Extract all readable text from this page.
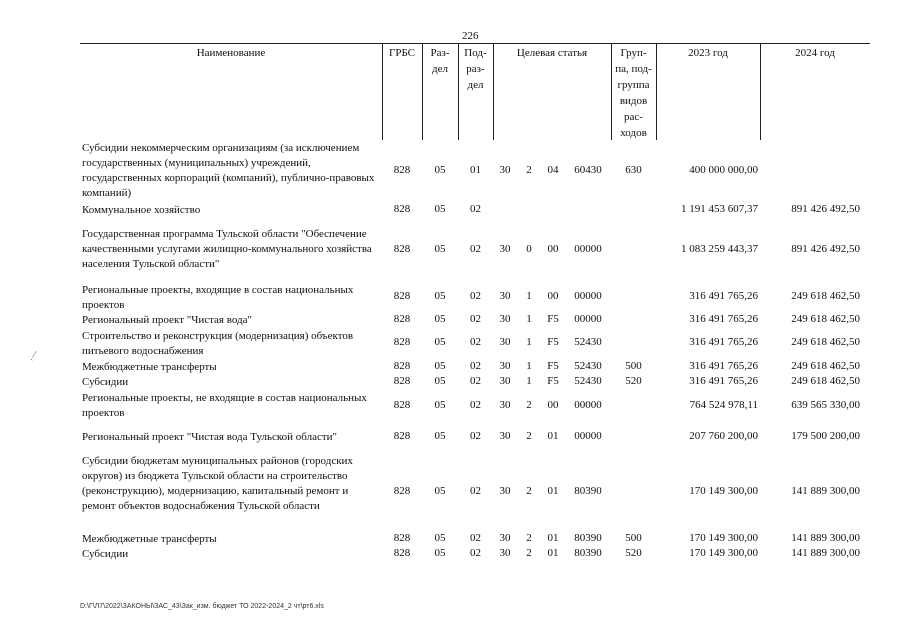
226
Наименование	ГРБС	Раз-
дел
Под-
раз-
дел
Целевая статья	Груп-
па, под-
группа
видов
рас-
ходов
2023 год	2024 год
Субсидии некоммерческим организациям (за исключением государственных (муниципальных) учреждений, государственных корпораций (компаний), публично-правовых компаний)
828	05	01	30	2	04	60430	630	400 000 000,00
Коммунальное хозяйство	828	05	02	1 191 453 607,37	891 426 492,50
Государственная программа Тульской области "Обеспечение качественными услугами жилищно-коммунального хозяйства населения Тульской области"
828	05	02	30	0	00	00000	1 083 259 443,37	891 426 492,50
Региональные проекты, входящие в состав национальных проектов
828	05	02	30	1	00	00000	316 491 765,26	249 618 462,50
Региональный проект "Чистая вода"	828	05	02	30	1	F5	00000	316 491 765,26	249 618 462,50
Строительство и реконструкция (модернизация) объектов питьевого водоснабжения
828	05	02	30	1	F5	52430	316 491 765,26	249 618 462,50
Межбюджетные трансферты	828	05	02	30	1	F5	52430	500	316 491 765,26	249 618 462,50
Субсидии	828	05	02	30	1	F5	52430	520	316 491 765,26	249 618 462,50
Региональные проекты, не входящие в состав национальных проектов
828	05	02	30	2	00	00000	764 524 978,11	639 565 330,00
Региональный проект "Чистая вода Тульской области"	828	05	02	30	2	01	00000	207 760 200,00	179 500 200,00
Субсидии бюджетам муниципальных районов (городских округов) из бюджета Тульской области на строительство (реконструкцию), модернизацию, капитальный ремонт и ремонт объектов водоснабжения Тульской области
828	05	02	30	2	01	80390	170 149 300,00	141 889 300,00
Межбюджетные трансферты	828	05	02	30	2	01	80390	500	170 149 300,00	141 889 300,00
Субсидии	828	05	02	30	2	01	80390	520	170 149 300,00	141 889 300,00
ˏ⁄
D:\Г\Л7\2022\ЗАКОНЫ\ЗАС_43\Зак_изм. бюджет ТО 2022-2024_2 чт\рт6.xls
